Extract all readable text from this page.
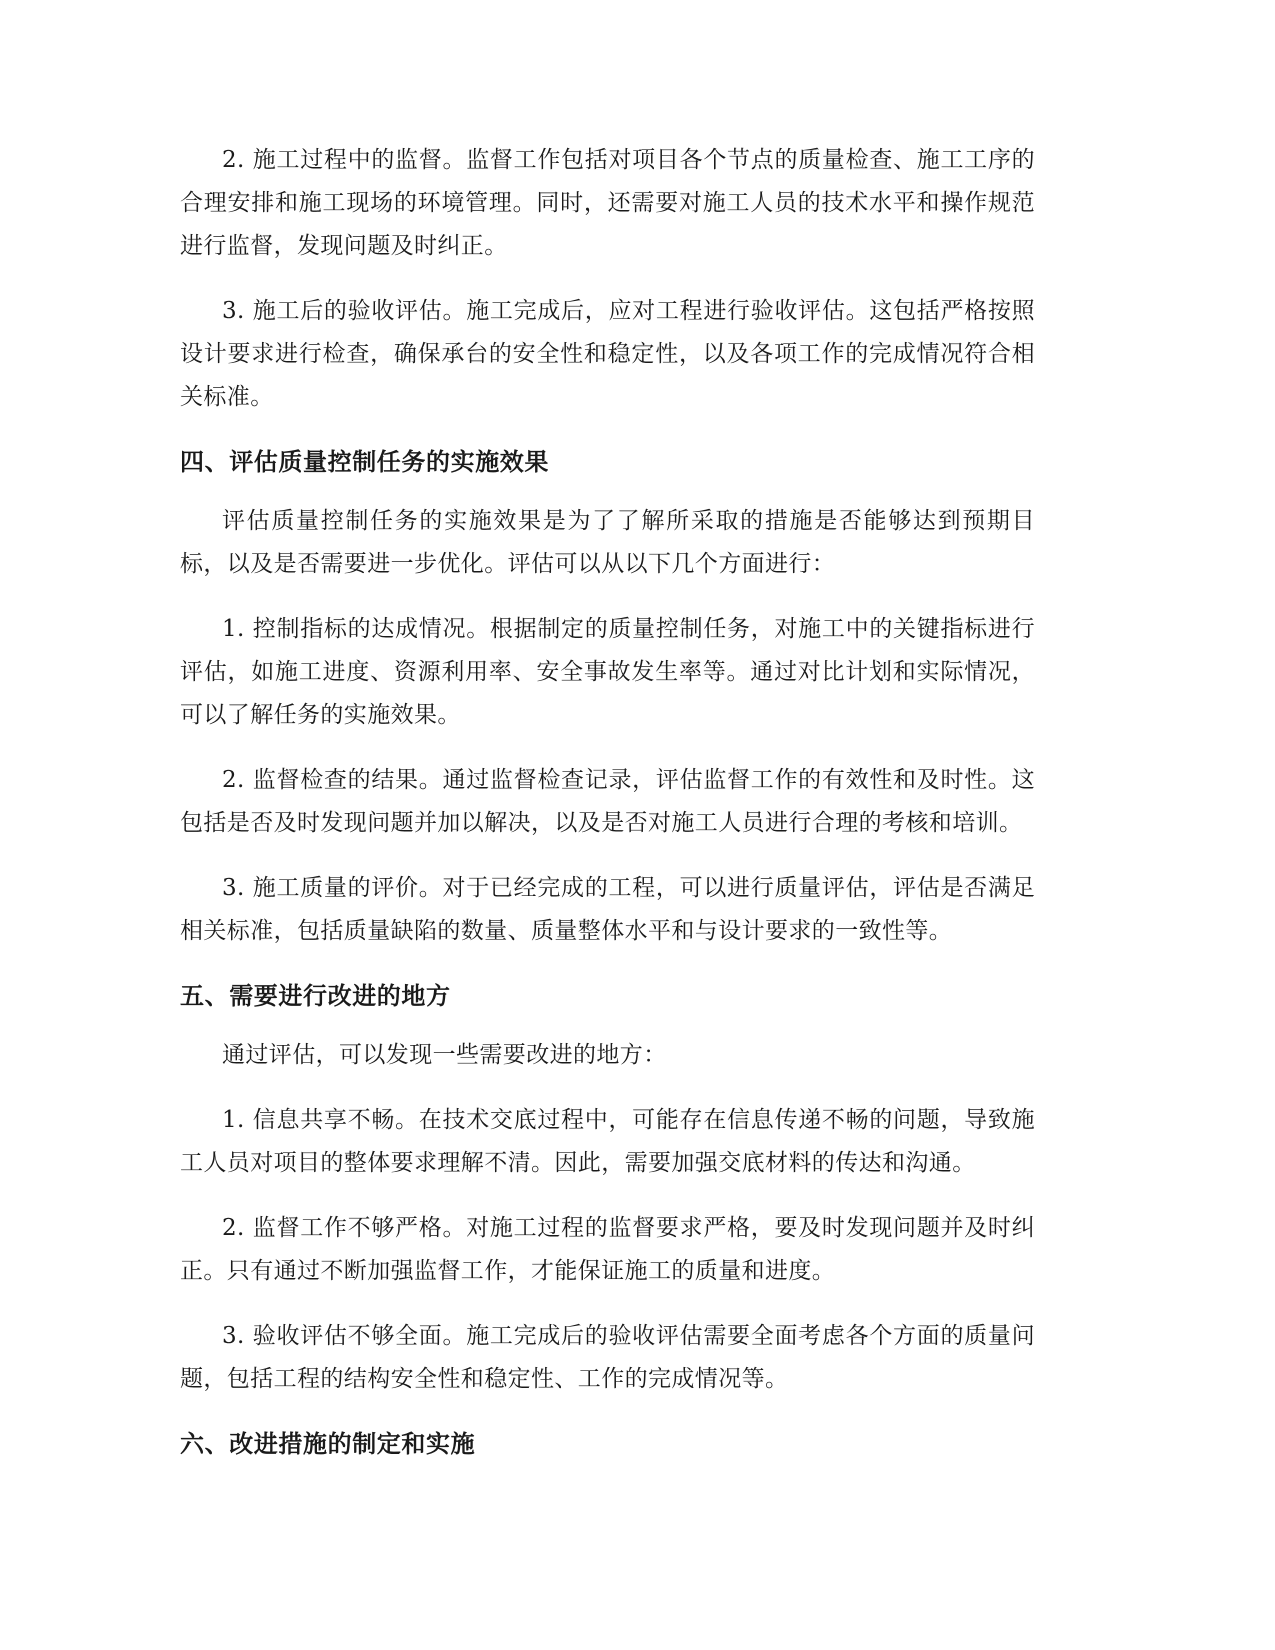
2. 施工过程中的监督。监督工作包括对项目各个节点的质量检查、施工工序的合理安排和施工现场的环境管理。同时，还需要对施工人员的技术水平和操作规范进行监督，发现问题及时纠正。

3. 施工后的验收评估。施工完成后，应对工程进行验收评估。这包括严格按照设计要求进行检查，确保承台的安全性和稳定性，以及各项工作的完成情况符合相关标准。

四、评估质量控制任务的实施效果

评估质量控制任务的实施效果是为了了解所采取的措施是否能够达到预期目标，以及是否需要进一步优化。评估可以从以下几个方面进行：

1. 控制指标的达成情况。根据制定的质量控制任务，对施工中的关键指标进行评估，如施工进度、资源利用率、安全事故发生率等。通过对比计划和实际情况，可以了解任务的实施效果。

2. 监督检查的结果。通过监督检查记录，评估监督工作的有效性和及时性。这包括是否及时发现问题并加以解决，以及是否对施工人员进行合理的考核和培训。

3. 施工质量的评价。对于已经完成的工程，可以进行质量评估，评估是否满足相关标准，包括质量缺陷的数量、质量整体水平和与设计要求的一致性等。

五、需要进行改进的地方

通过评估，可以发现一些需要改进的地方：

1. 信息共享不畅。在技术交底过程中，可能存在信息传递不畅的问题，导致施工人员对项目的整体要求理解不清。因此，需要加强交底材料的传达和沟通。

2. 监督工作不够严格。对施工过程的监督要求严格，要及时发现问题并及时纠正。只有通过不断加强监督工作，才能保证施工的质量和进度。

3. 验收评估不够全面。施工完成后的验收评估需要全面考虑各个方面的质量问题，包括工程的结构安全性和稳定性、工作的完成情况等。

六、改进措施的制定和实施
